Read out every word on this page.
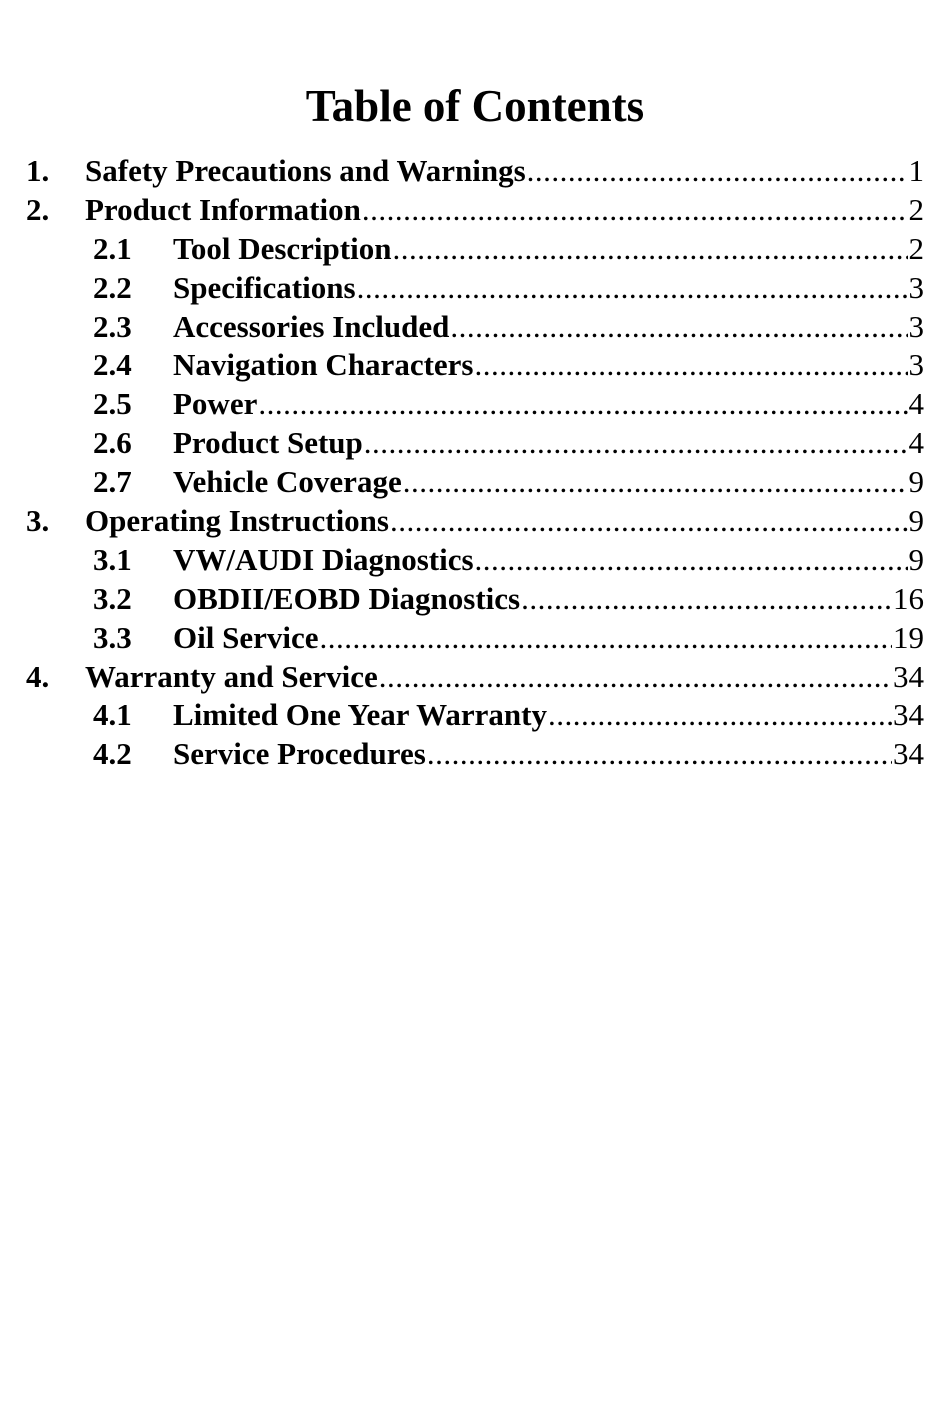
Table of Contents
1.	Safety Precautions and Warnings .....	1
2.	Product Information .....	2
2.1	Tool Description .....	2
2.2	Specifications .....	3
2.3	Accessories Included .....	3
2.4	Navigation Characters .....	3
2.5	Power .....	4
2.6	Product Setup .....	4
2.7	Vehicle Coverage .....	9
3.	Operating Instructions .....	9
3.1	VW/AUDI Diagnostics .....	9
3.2	OBDII/EOBD Diagnostics .....	16
3.3	Oil Service .....	19
4.	Warranty and Service .....	34
4.1	Limited One Year Warranty .....	34
4.2	Service Procedures .....	34
